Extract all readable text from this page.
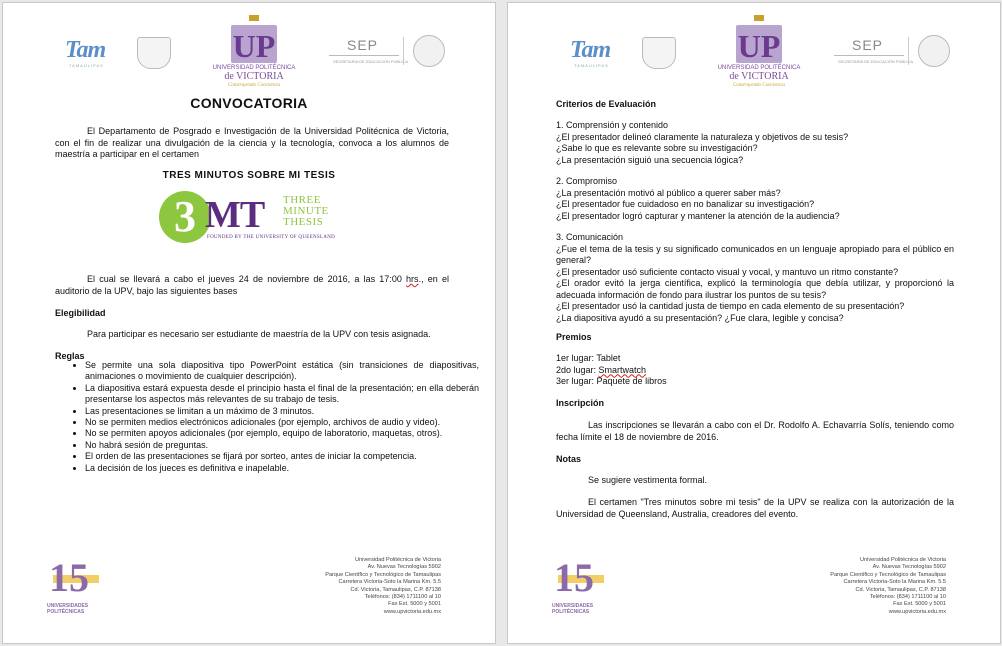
Tam
TAMAULIPAS
UP
UNIVERSIDAD POLITÉCNICA
de VICTORIA
Construyendo Conciencia
SEP
SECRETARÍA DE EDUCACIÓN PÚBLICA
CONVOCATORIA
El Departamento de Posgrado e Investigación de la Universidad Politécnica de Victoria, con el fin de realizar una divulgación de la ciencia y la tecnología, convoca a los alumnos de maestría a participar en el certamen
TRES MINUTOS SOBRE MI TESIS
3 MT THREE
MINUTE
THESIS
FOUNDED BY THE UNIVERSITY OF QUEENSLAND
El cual se llevará a cabo el jueves 24 de noviembre de 2016, a las 17:00 hrs., en el auditorio de la UPV, bajo las siguientes bases
Elegibilidad
Para participar es necesario ser estudiante de maestría de la UPV con tesis asignada.
Reglas
• Se permite una sola diapositiva tipo PowerPoint estática (sin transiciones de diapositivas, animaciones o movimiento de cualquier descripción).
• La diapositiva estará expuesta desde el principio hasta el final de la presentación; en ella deberán presentarse los aspectos más relevantes de su trabajo de tesis.
• Las presentaciones se limitan a un máximo de 3 minutos.
• No se permiten medios electrónicos adicionales (por ejemplo, archivos de audio y video).
• No se permiten apoyos adicionales (por ejemplo, equipo de laboratorio, maquetas, otros).
• No habrá sesión de preguntas.
• El orden de las presentaciones se fijará por sorteo, antes de iniciar la competencia.
• La decisión de los jueces es definitiva e inapelable.
15
UNIVERSIDADES
POLITÉCNICAS
Universidad Politécnica de Victoria
Av. Nuevas Tecnologías 5902
Parque Científico y Tecnológico de Tamaulipas
Carretera Victoria-Soto la Marina Km. 5.5
Cd. Victoria, Tamaulipas, C.P. 87138
Teléfonos: (834) 1711100 al 10
Fax Ext. 5000 y 5001
www.upvictoria.edu.mx
Tam
TAMAULIPAS
UP
UNIVERSIDAD POLITÉCNICA
de VICTORIA
Construyendo Conciencia
SEP
SECRETARÍA DE EDUCACIÓN PÚBLICA
Criterios de Evaluación
1. Comprensión y contenido
¿El presentador delineó claramente la naturaleza y objetivos de su tesis?
¿Sabe lo que es relevante sobre su investigación?
¿La presentación siguió una secuencia lógica?
2. Compromiso
¿La presentación motivó al público a querer saber más?
¿El presentador fue cuidadoso en no banalizar su investigación?
¿El presentador logró capturar y mantener la atención de la audiencia?
3. Comunicación
¿Fue el tema de la tesis y su significado comunicados en un lenguaje apropiado para el público en general?
¿El presentador usó suficiente contacto visual y vocal, y mantuvo un ritmo constante?
¿El orador evitó la jerga científica, explicó la terminología que debía utilizar, y proporcionó la adecuada información de fondo para ilustrar los puntos de su tesis?
¿El presentador usó la cantidad justa de tiempo en cada elemento de su presentación?
¿La diapositiva ayudó a su presentación? ¿Fue clara, legible y concisa?
Premios
1er lugar: Tablet
2do lugar: Smartwatch
3er lugar: Paquete de libros
Inscripción
Las inscripciones se llevarán a cabo con el Dr. Rodolfo A. Echavarría Solís, teniendo como fecha límite el 18 de noviembre de 2016.
Notas
Se sugiere vestimenta formal.
El certamen "Tres minutos sobre mi tesis" de la UPV se realiza con la autorización de la Universidad de Queensland, Australia, creadores del evento.
15
UNIVERSIDADES
POLITÉCNICAS
Universidad Politécnica de Victoria
Av. Nuevas Tecnologías 5902
Parque Científico y Tecnológico de Tamaulipas
Carretera Victoria-Soto la Marina Km. 5.5
Cd. Victoria, Tamaulipas, C.P. 87138
Teléfonos: (834) 1711100 al 10
Fax Ext. 5000 y 5001
www.upvictoria.edu.mx
